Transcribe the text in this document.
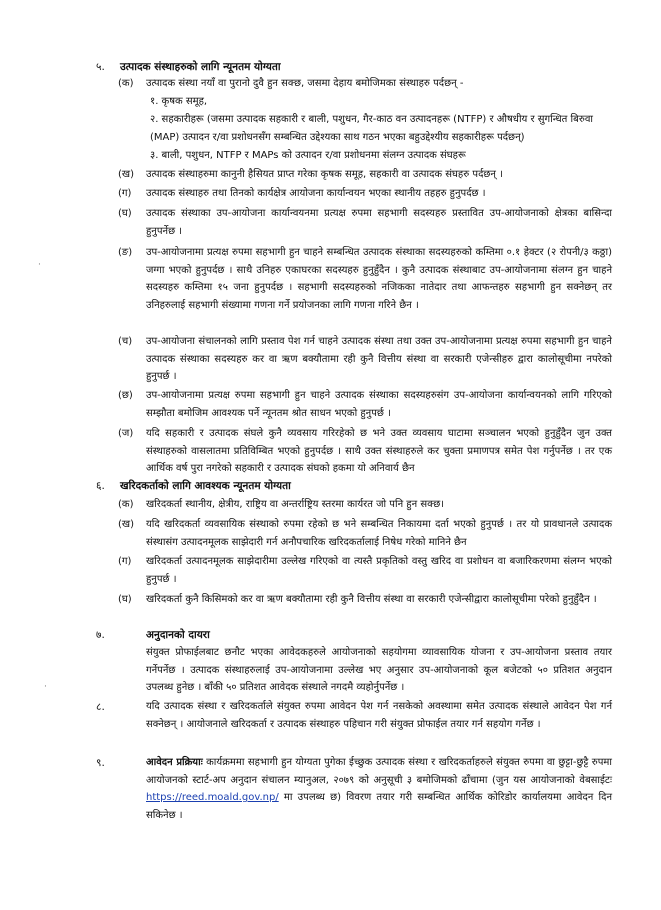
·
·
५. उत्पादक संस्थाहरुको लागि न्यूनतम योग्यता
(क) उत्पादक संस्था नयाँ वा पुरानो दुवै हुन सक्छ, जसमा देहाय बमोजिमका संस्थाहरु पर्दछन् -
१. कृषक समूह,
२. सहकारीहरू (जसमा उत्पादक सहकारी र बाली, पशुधन, गैर-काठ वन उत्पादनहरू (NTFP) र औषधीय र सुगन्धित बिरुवा (MAP) उत्पादन र/वा प्रशोधनसँग सम्बन्धित उद्देश्यका साथ गठन भएका बहुउद्देश्यीय सहकारीहरू पर्दछन्)
३. बाली, पशुधन, NTFP र MAPs को उत्पादन र/वा प्रशोधनमा संलग्न उत्पादक संघहरू
(ख) उत्पादक संस्थाहरुमा कानुनी हैसियत प्राप्त गरेका कृषक समूह, सहकारी वा उत्पादक संघहरु पर्दछन् ।
(ग) उत्पादक संस्थाहरु तथा तिनको कार्यक्षेत्र आयोजना कार्यान्वयन भएका स्थानीय तहहरु हुनुपर्दछ ।
(घ) उत्पादक संस्थाका उप-आयोजना कार्यान्वयनमा प्रत्यक्ष रुपमा सहभागी सदस्यहरु प्रस्तावित उप-आयोजनाको क्षेत्रका बासिन्दा हुनुपर्नेछ ।
(ङ) उप-आयोजनामा प्रत्यक्ष रुपमा सहभागी हुन चाहने सम्बन्धित उत्पादक संस्थाका सदस्यहरुको कम्तिमा ०.१ हेक्टर (२ रोपनी/३ कठ्ठा) जग्गा भएको हुनुपर्दछ । साथै उनिहरु एकाघरका सदस्यहरु हुनुहुँदैन । कुनै उत्पादक संस्थाबाट उप-आयोजनामा संलग्न हुन चाहने सदस्यहरु कम्तिमा १५ जना हुनुपर्दछ । सहभागी सदस्यहरुको नजिकका नातेदार तथा आफन्तहरु सहभागी हुन सक्नेछन् तर उनिहरुलाई सहभागी संख्यामा गणना गर्ने प्रयोजनका लागि गणना गरिने छैन ।
(च) उप-आयोजना संचालनको लागि प्रस्ताव पेश गर्न चाहने उत्पादक संस्था तथा उक्त उप-आयोजनामा प्रत्यक्ष रुपमा सहभागी हुन चाहने उत्पादक संस्थाका सदस्यहरु कर वा ऋण बक्यौतामा रही कुनै वित्तीय संस्था वा सरकारी एजेन्सीहरु द्वारा कालोसूचीमा नपरेको हुनुपर्छ ।
(छ) उप-आयोजनामा प्रत्यक्ष रुपमा सहभागी हुन चाहने उत्पादक संस्थाका सदस्यहरुसंग उप-आयोजना कार्यान्वयनको लागि गरिएको सम्झौता बमोजिम आवश्यक पर्ने न्यूनतम श्रोत साधन भएको हुनुपर्छ ।
(ज) यदि सहकारी र उत्पादक संघले कुनै व्यवसाय गरिरहेको छ भने उक्त व्यवसाय घाटामा सञ्चालन भएको हुनुहुँदैन जुन उक्त संस्थाहरुको वासलातमा प्रतिविम्बित भएको हुनुपर्दछ । साथै उक्त संस्थाहरुले कर चुक्ता प्रमाणपत्र समेत पेश गर्नुपर्नेछ । तर एक आर्थिक वर्ष पुरा नगरेको सहकारी र उत्पादक संघको हकमा यो अनिवार्य छैन
६. खरिदकर्ताको लागि आवश्यक न्यूनतम योग्यता
(क) खरिदकर्ता स्थानीय, क्षेत्रीय, राष्ट्रिय वा अन्तर्राष्ट्रिय स्तरमा कार्यरत जो पनि हुन सक्छ।
(ख) यदि खरिदकर्ता व्यवसायिक संस्थाको रुपमा रहेको छ भने सम्बन्धित निकायमा दर्ता भएको हुनुपर्छ । तर यो प्रावधानले उत्पादक संस्थासंग उत्पादनमूलक साझेदारी गर्न अनौपचारिक खरिदकर्तालाई निषेध गरेको मानिने छैन
(ग) खरिदकर्ता उत्पादनमूलक साझेदारीमा उल्लेख गरिएको वा त्यस्तै प्रकृतिको वस्तु खरिद वा प्रशोधन वा बजारिकरणमा संलग्न भएको हुनुपर्छ ।
(घ) खरिदकर्ता कुनै किसिमको कर वा ऋण बक्यौतामा रही कुनै वित्तीय संस्था वा सरकारी एजेन्सीद्वारा कालोसूचीमा परेको हुनुहुँदैन ।
७.	अनुदानको दायरा
संयुक्त प्रोफाईलबाट छनौट भएका आवेदकहरुले आयोजनाको सहयोगमा व्यावसायिक योजना र उप-आयोजना प्रस्ताव तयार गर्नेपर्नेछ । उत्पादक संस्थाहरुलाई उप-आयोजनामा उल्लेख भए अनुसार उप-आयोजनाको कूल बजेटको ५० प्रतिशत अनुदान उपलब्ध हुनेछ । बाँकी ५० प्रतिशत आवेदक संस्थाले नगदमै व्यहोर्नुपर्नेछ ।
८.	यदि उत्पादक संस्था र खरिदकर्ताले संयुक्त रुपमा आवेदन पेश गर्न नसकेको अवस्थामा समेत उत्पादक संस्थाले आवेदन पेश गर्न सक्नेछन् । आयोजनाले खरिदकर्ता र उत्पादक संस्थाहरु पहिचान गरी संयुक्त प्रोफाईल तयार गर्न सहयोग गर्नेछ ।
९.	आवेदन प्रक्रियाः कार्यक्रममा सहभागी हुन योग्यता पुगेका ईच्छुक उत्पादक संस्था र खरिदकर्ताहरुले संयुक्त रुपमा वा छुट्टा-छुट्टै रुपमा आयोजनको स्टार्ट-अप अनुदान संचालन म्यानुअल, २०७९ को अनुसूची ३ बमोजिमको ढाँचामा (जुन यस आयोजनाको वेबसाईटः https://reed.moald.gov.np/ मा उपलब्ध छ) विवरण तयार गरी सम्बन्धित आर्थिक कोरिडोर कार्यालयमा आवेदन दिन सकिनेछ ।
